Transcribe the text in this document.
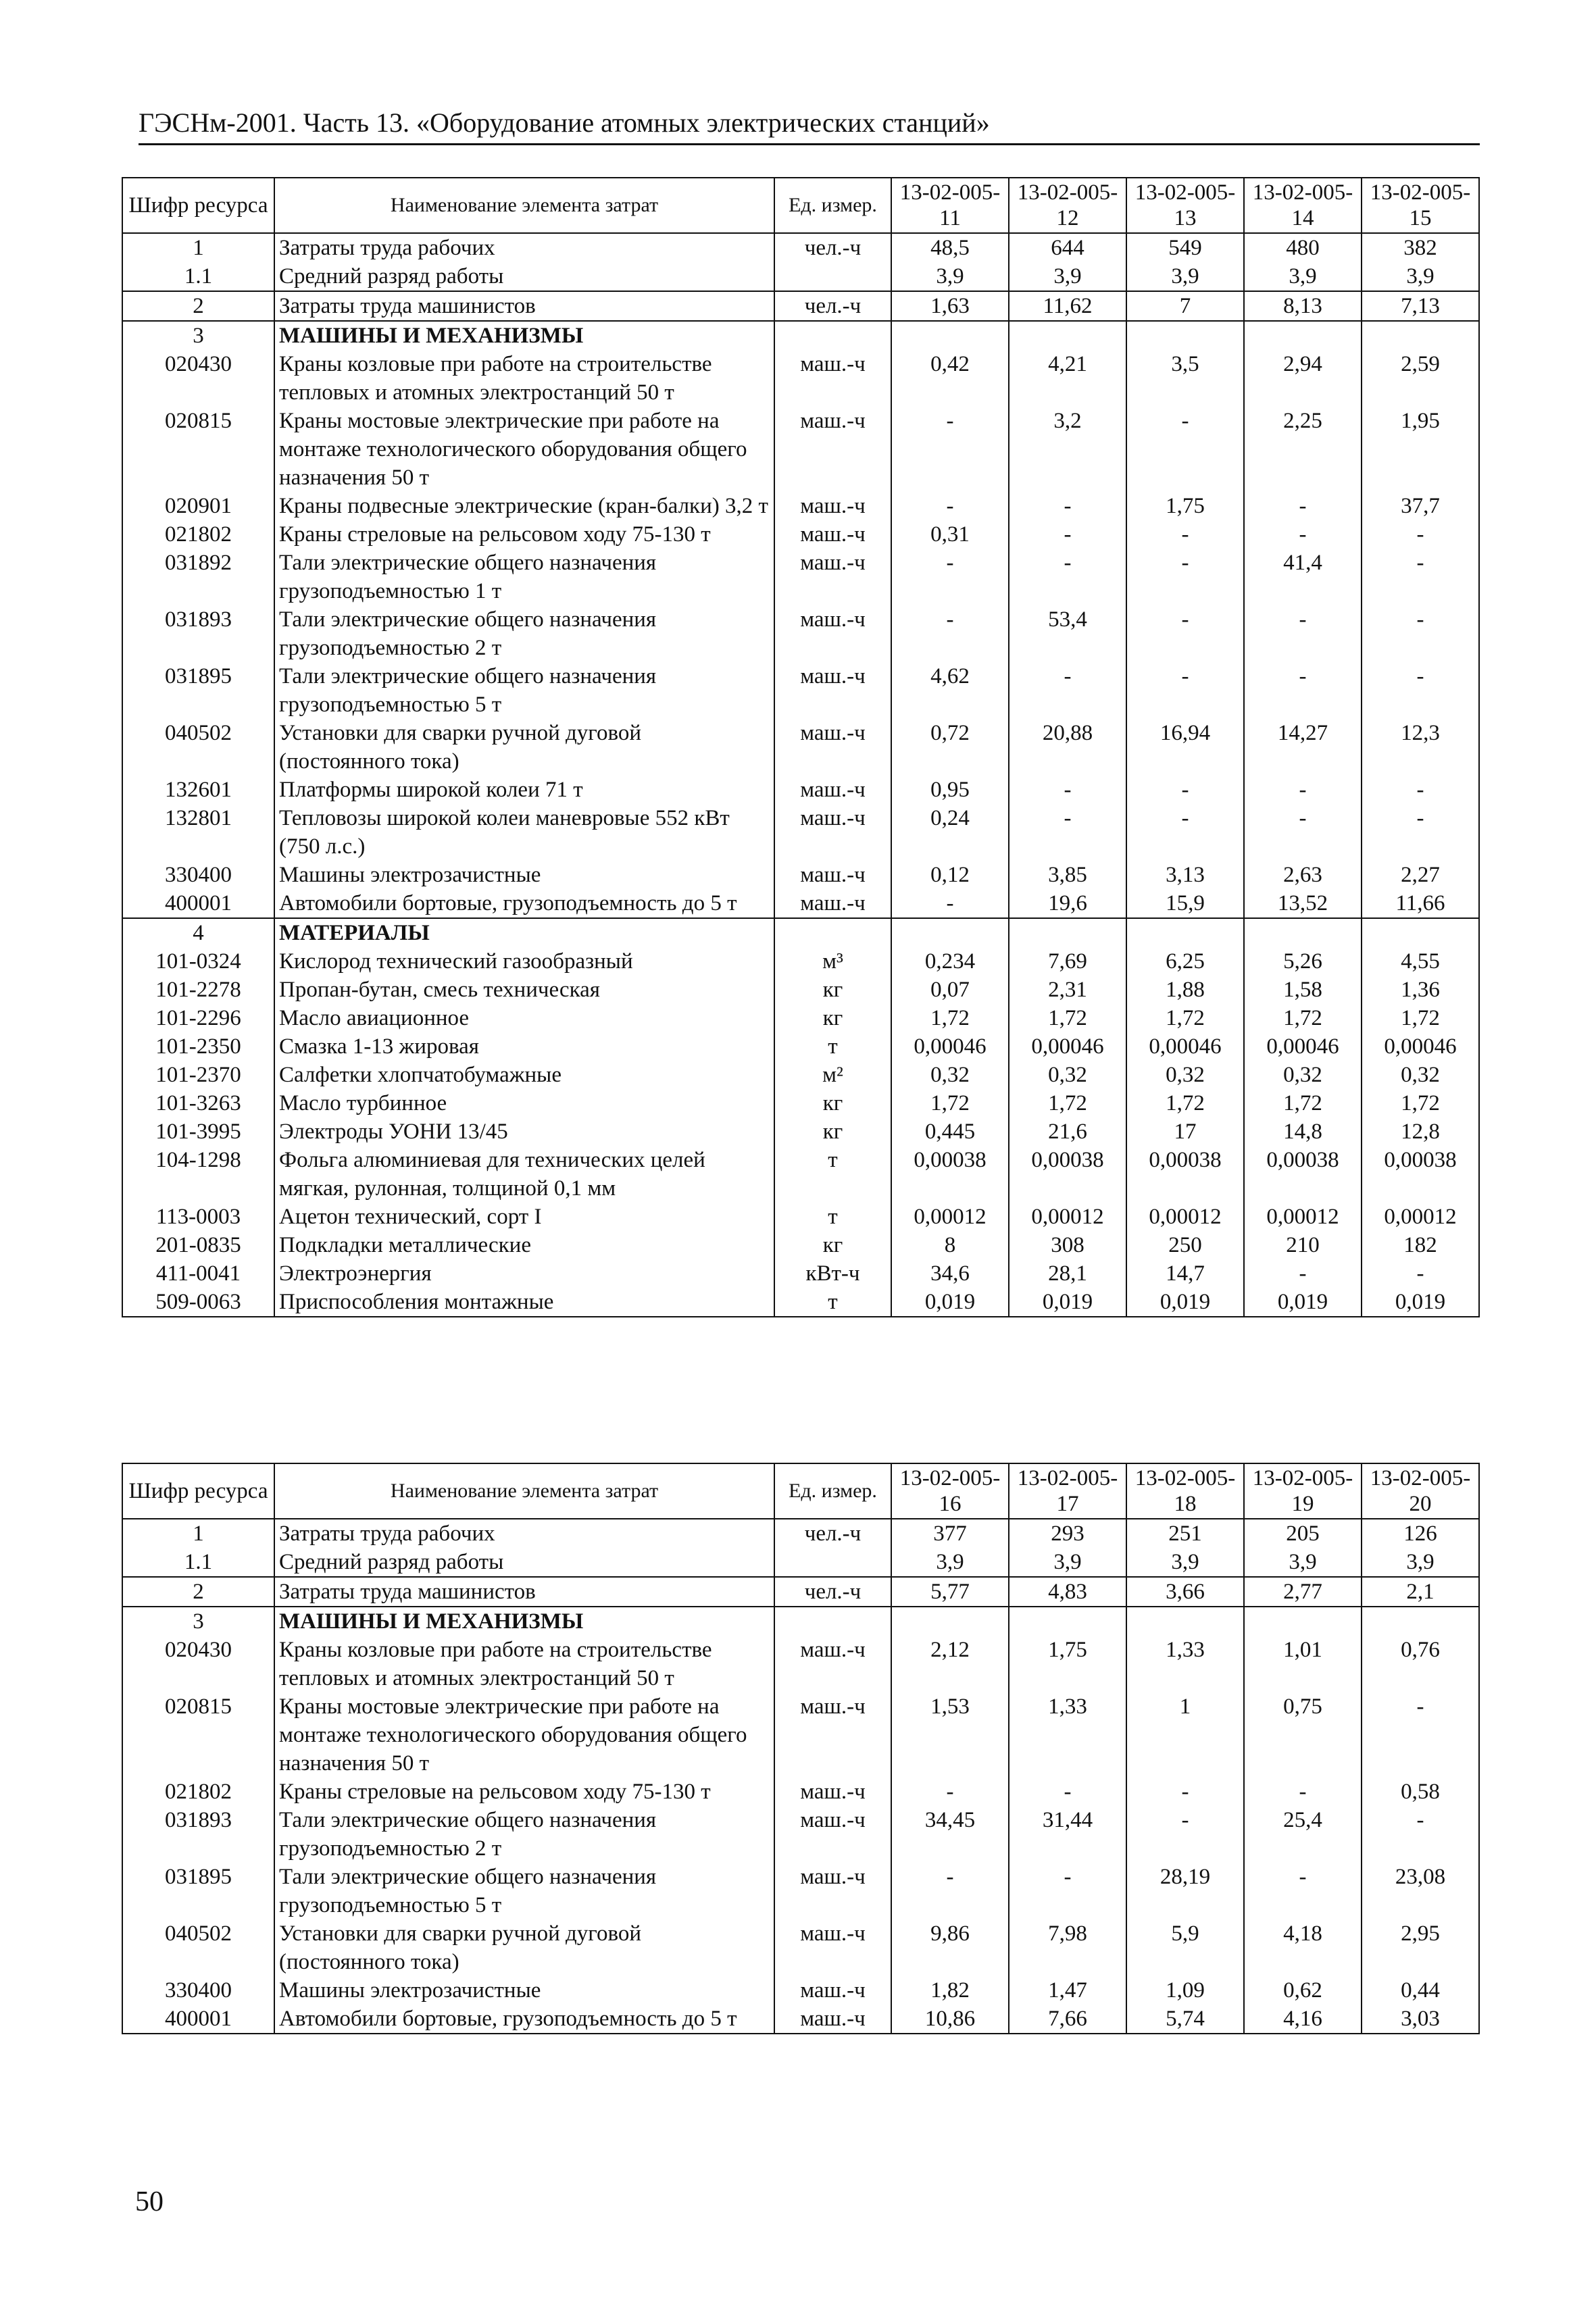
ГЭСНм-2001. Часть 13. «Оборудование атомных электрических станций»
Шифр ресурса	Наименование элемента затрат	Ед. измер.	13-02-005-11	13-02-005-12	13-02-005-13	13-02-005-14	13-02-005-15
1	Затраты труда рабочих	чел.-ч	48,5	644	549	480	382
1.1	Средний разряд работы		3,9	3,9	3,9	3,9	3,9
2	Затраты труда машинистов	чел.-ч	1,63	11,62	7	8,13	7,13
3	МАШИНЫ И МЕХАНИЗМЫ						
020430	Краны козловые при работе на строительстве тепловых и атомных электростанций 50 т	маш.-ч	0,42	4,21	3,5	2,94	2,59
020815	Краны мостовые электрические при работе на монтаже технологического оборудования общего назначения 50 т	маш.-ч	-	3,2	-	2,25	1,95
020901	Краны подвесные электрические (кран-балки) 3,2 т	маш.-ч	-	-	1,75	-	37,7
021802	Краны стреловые на рельсовом ходу 75-130 т	маш.-ч	0,31	-	-	-	-
031892	Тали электрические общего назначения грузоподъемностью 1 т	маш.-ч	-	-	-	41,4	-
031893	Тали электрические общего назначения грузоподъемностью 2 т	маш.-ч	-	53,4	-	-	-
031895	Тали электрические общего назначения грузоподъемностью 5 т	маш.-ч	4,62	-	-	-	-
040502	Установки для сварки ручной дуговой (постоянного тока)	маш.-ч	0,72	20,88	16,94	14,27	12,3
132601	Платформы широкой колеи 71 т	маш.-ч	0,95	-	-	-	-
132801	Тепловозы широкой колеи маневровые 552 кВт (750 л.с.)	маш.-ч	0,24	-	-	-	-
330400	Машины электрозачистные	маш.-ч	0,12	3,85	3,13	2,63	2,27
400001	Автомобили бортовые, грузоподъемность до 5 т	маш.-ч	-	19,6	15,9	13,52	11,66
4	МАТЕРИАЛЫ						
101-0324	Кислород технический газообразный	м³	0,234	7,69	6,25	5,26	4,55
101-2278	Пропан-бутан, смесь техническая	кг	0,07	2,31	1,88	1,58	1,36
101-2296	Масло авиационное	кг	1,72	1,72	1,72	1,72	1,72
101-2350	Смазка 1-13 жировая	т	0,00046	0,00046	0,00046	0,00046	0,00046
101-2370	Салфетки хлопчатобумажные	м²	0,32	0,32	0,32	0,32	0,32
101-3263	Масло турбинное	кг	1,72	1,72	1,72	1,72	1,72
101-3995	Электроды УОНИ 13/45	кг	0,445	21,6	17	14,8	12,8
104-1298	Фольга алюминиевая для технических целей мягкая, рулонная, толщиной 0,1 мм	т	0,00038	0,00038	0,00038	0,00038	0,00038
113-0003	Ацетон технический, сорт I	т	0,00012	0,00012	0,00012	0,00012	0,00012
201-0835	Подкладки металлические	кг	8	308	250	210	182
411-0041	Электроэнергия	кВт-ч	34,6	28,1	14,7	-	-
509-0063	Приспособления монтажные	т	0,019	0,019	0,019	0,019	0,019
Шифр ресурса	Наименование элемента затрат	Ед. измер.	13-02-005-16	13-02-005-17	13-02-005-18	13-02-005-19	13-02-005-20
1	Затраты труда рабочих	чел.-ч	377	293	251	205	126
1.1	Средний разряд работы		3,9	3,9	3,9	3,9	3,9
2	Затраты труда машинистов	чел.-ч	5,77	4,83	3,66	2,77	2,1
3	МАШИНЫ И МЕХАНИЗМЫ						
020430	Краны козловые при работе на строительстве тепловых и атомных электростанций 50 т	маш.-ч	2,12	1,75	1,33	1,01	0,76
020815	Краны мостовые электрические при работе на монтаже технологического оборудования общего назначения 50 т	маш.-ч	1,53	1,33	1	0,75	-
021802	Краны стреловые на рельсовом ходу 75-130 т	маш.-ч	-	-	-	-	0,58
031893	Тали электрические общего назначения грузоподъемностью 2 т	маш.-ч	34,45	31,44	-	25,4	-
031895	Тали электрические общего назначения грузоподъемностью 5 т	маш.-ч	-	-	28,19	-	23,08
040502	Установки для сварки ручной дуговой (постоянного тока)	маш.-ч	9,86	7,98	5,9	4,18	2,95
330400	Машины электрозачистные	маш.-ч	1,82	1,47	1,09	0,62	0,44
400001	Автомобили бортовые, грузоподъемность до 5 т	маш.-ч	10,86	7,66	5,74	4,16	3,03
50
